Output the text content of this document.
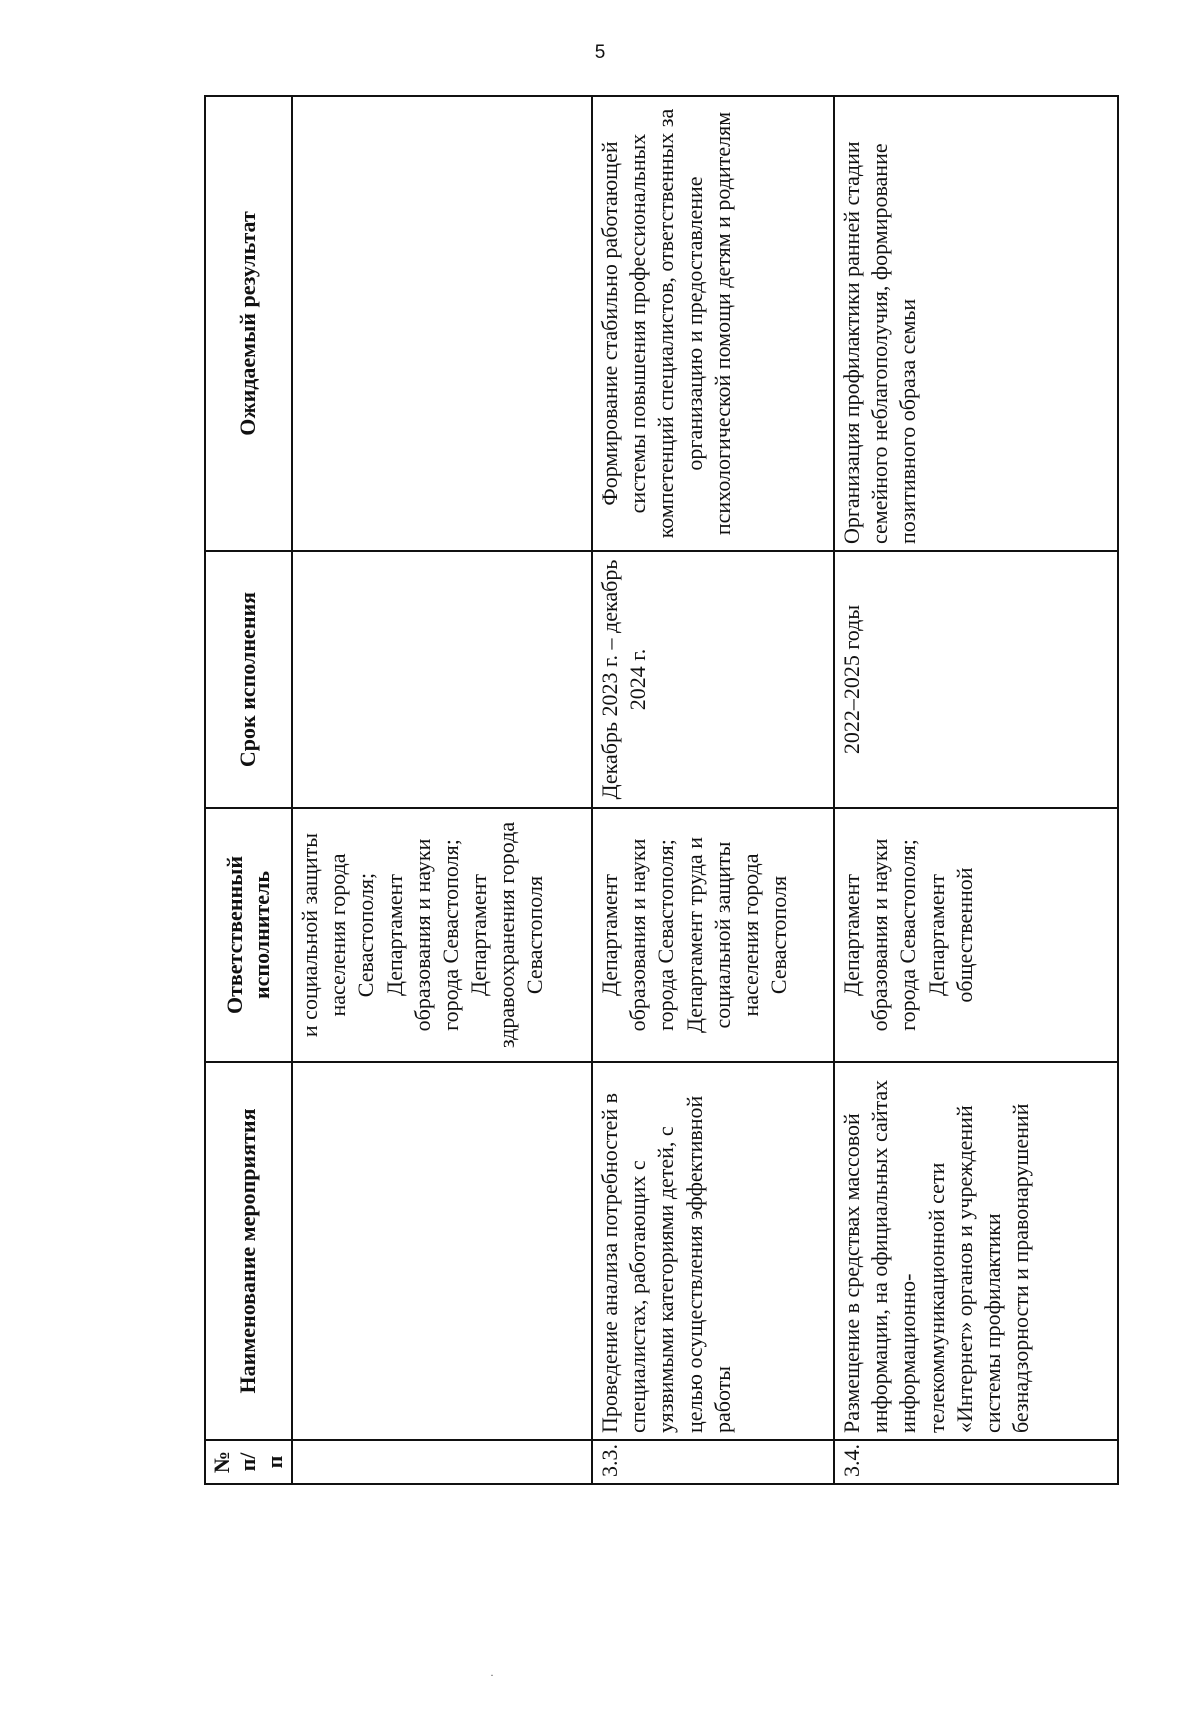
5
·
№ п/п	Наименование мероприятия	Ответственный исполнитель	Срок исполнения	Ожидаемый результат
		и социальной защиты населения города Севастополя; Департамент образования и науки города Севастополя; Департамент здравоохранения города Севастополя		
3.3.	Проведение анализа потребностей в специалистах, работающих с уязвимыми категориями детей, с целью осуществления эффективной работы	Департамент образования и науки города Севастополя; Департамент труда и социальной защиты населения города Севастополя	Декабрь 2023 г. – декабрь 2024 г.	Формирование стабильно работающей системы повышения профессиональных компетенций специалистов, ответственных за организацию и предоставление психологической помощи детям и родителям
3.4.	Размещение в средствах массовой информации, на официальных сайтах информационно-телекоммуникационной сети «Интернет» органов и учреждений системы профилактики безнадзорности и правонарушений	Департамент образования и науки города Севастополя; Департамент общественной	2022–2025 годы	Организация профилактики ранней стадии семейного неблагополучия, формирование позитивного образа семьи
